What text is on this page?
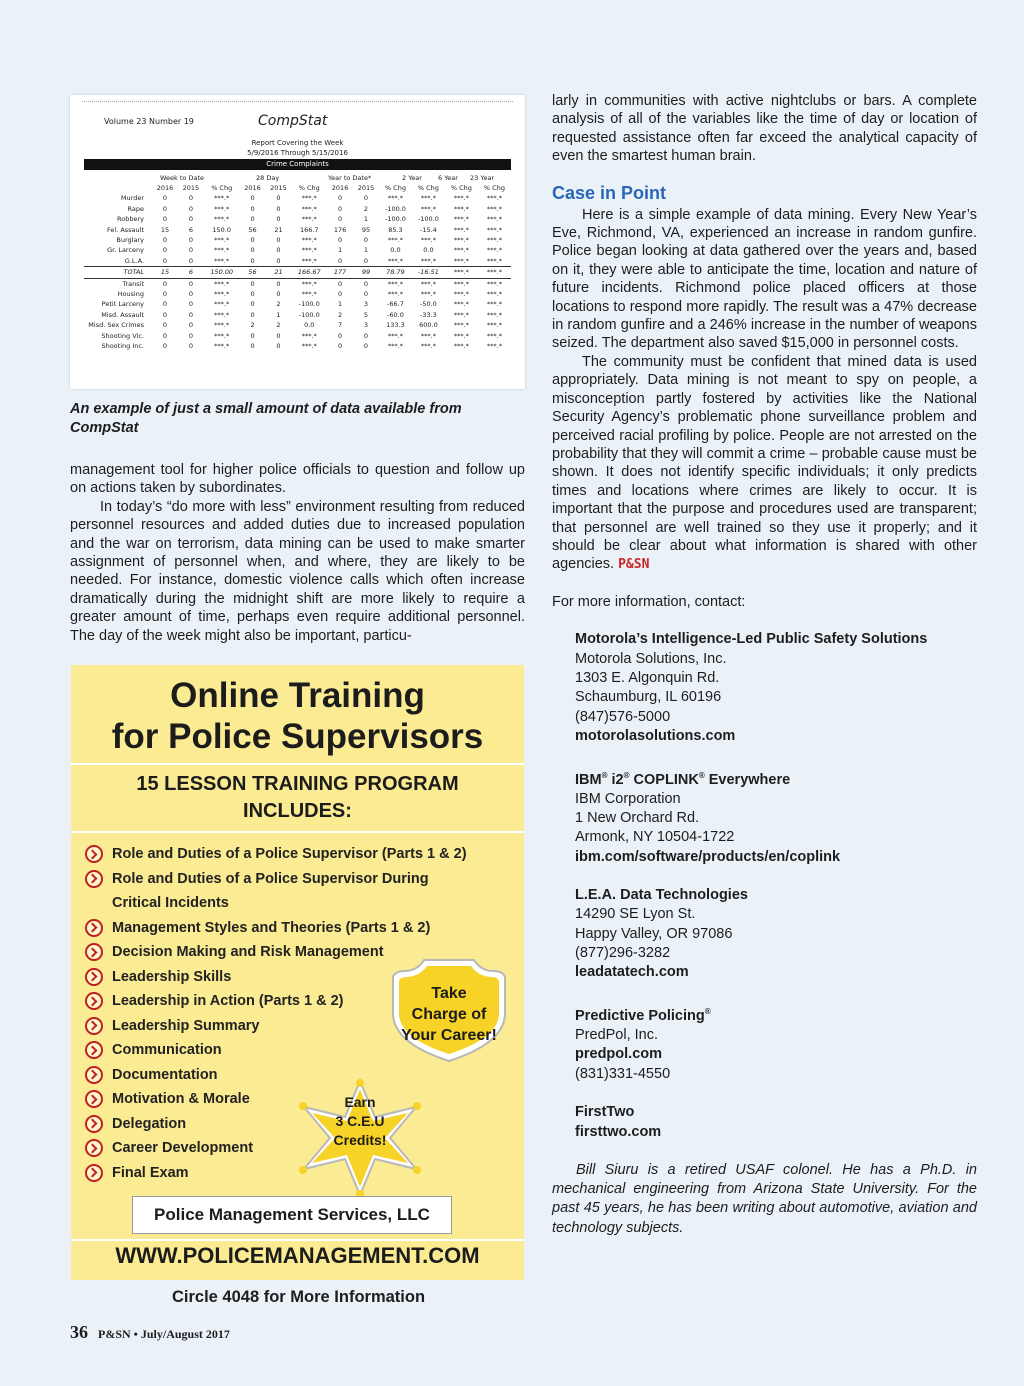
Volume 23 Number 19	CompStat
Report Covering the Week
5/9/2016 Through 5/15/2016
Crime Complaints
Week to Date	28 Day	Year to Date*	2 Year 6 Year 23 Year
	2016	2015	% Chg	2016	2015	% Chg	2016	2015	% Chg	% Chg	% Chg	% Chg
Murder	0	0	***.*	0	0	***.*	0	0	***.*	***.*	***.*	***.*
Rape	0	0	***.*	0	0	***.*	0	2	-100.0	***.*	***.*	***.*
Robbery	0	0	***.*	0	0	***.*	0	1	-100.0	-100.0	***.*	***.*
Fel. Assault	15	6	150.0	56	21	166.7	176	95	85.3	-15.4	***.*	***.*
Burglary	0	0	***.*	0	0	***.*	0	0	***.*	***.*	***.*	***.*
Gr. Larceny	0	0	***.*	0	0	***.*	1	1	0.0	0.0	***.*	***.*
G.L.A.	0	0	***.*	0	0	***.*	0	0	***.*	***.*	***.*	***.*
TOTAL	15	6	150.00	56	21	166.67	177	99	78.79	-16.51	***.*	***.*
Transit	0	0	***.*	0	0	***.*	0	0	***.*	***.*	***.*	***.*
Housing	0	0	***.*	0	0	***.*	0	0	***.*	***.*	***.*	***.*
Petit Larceny	0	0	***.*	0	2	-100.0	1	3	-66.7	-50.0	***.*	***.*
Misd. Assault	0	0	***.*	0	1	-100.0	2	5	-60.0	-33.3	***.*	***.*
Misd. Sex Crimes	0	0	***.*	2	2	0.0	7	3	133.3	600.0	***.*	***.*
Shooting Vic.	0	0	***.*	0	0	***.*	0	0	***.*	***.*	***.*	***.*
Shooting Inc.	0	0	***.*	0	0	***.*	0	0	***.*	***.*	***.*	***.*
An example of just a small amount of data available from CompStat

management tool for higher police officials to question and follow up on actions taken by subordinates.

In today’s “do more with less” environment resulting from reduced personnel resources and added duties due to increased population and the war on terrorism, data mining can be used to make smarter assignment of personnel when, and where, they are likely to be needed. For instance, domestic violence calls which often increase dramatically during the midnight shift are more likely to require a greater amount of time, perhaps even require additional personnel. The day of the week might also be important, particu-

Online Training
for Police Supervisors
15 LESSON TRAINING PROGRAM
INCLUDES:
Role and Duties of a Police Supervisor (Parts 1 & 2)
Role and Duties of a Police Supervisor During
Critical Incidents
Management Styles and Theories (Parts 1 & 2)
Decision Making and Risk Management
Leadership Skills
Leadership in Action (Parts 1 & 2)
Leadership Summary
Communication
Documentation
Motivation & Morale
Delegation
Career Development
Final Exam
Take
Charge of
Your Career!
Earn
3 C.E.U
Credits!
Police Management Services, LLC
WWW.POLICEMANAGEMENT.COM
Circle 4048 for More Information
36 P&SN • July/August 2017

larly in communities with active nightclubs or bars. A complete analysis of all of the variables like the time of day or location of requested assistance often far exceed the analytical capacity of even the smartest human brain.

Case in Point

Here is a simple example of data mining. Every New Year’s Eve, Richmond, VA, experienced an increase in random gunfire. Police began looking at data gathered over the years and, based on it, they were able to anticipate the time, location and nature of future incidents. Richmond police placed officers at those locations to respond more rapidly. The result was a 47% decrease in random gunfire and a 246% increase in the number of weapons seized. The department also saved $15,000 in personnel costs.

The community must be confident that mined data is used appropriately. Data mining is not meant to spy on people, a misconception partly fostered by activities like the National Security Agency’s problematic phone surveillance problem and perceived racial profiling by police. People are not arrested on the probability that they will commit a crime – probable cause must be shown. It does not identify specific individuals; it only predicts times and locations where crimes are likely to occur. It is important that the purpose and procedures used are transparent; that personnel are well trained so they use it properly; and it should be clear about what information is shared with other agencies. P&SN

For more information, contact:

Motorola’s Intelligence-Led Public Safety Solutions

Motorola Solutions, Inc.

1303 E. Algonquin Rd.

Schaumburg, IL 60196

(847)576-5000

motorolasolutions.com

IBM® i2® COPLINK® Everywhere

IBM Corporation

1 New Orchard Rd.

Armonk, NY 10504-1722

ibm.com/software/products/en/coplink

L.E.A. Data Technologies

14290 SE Lyon St.

Happy Valley, OR 97086

(877)296-3282

leadatatech.com

Predictive Policing®

PredPol, Inc.

predpol.com

(831)331-4550

FirstTwo

firsttwo.com

Bill Siuru is a retired USAF colonel. He has a Ph.D. in mechanical engineering from Arizona State University. For the past 45 years, he has been writing about automotive, aviation and technology subjects.
